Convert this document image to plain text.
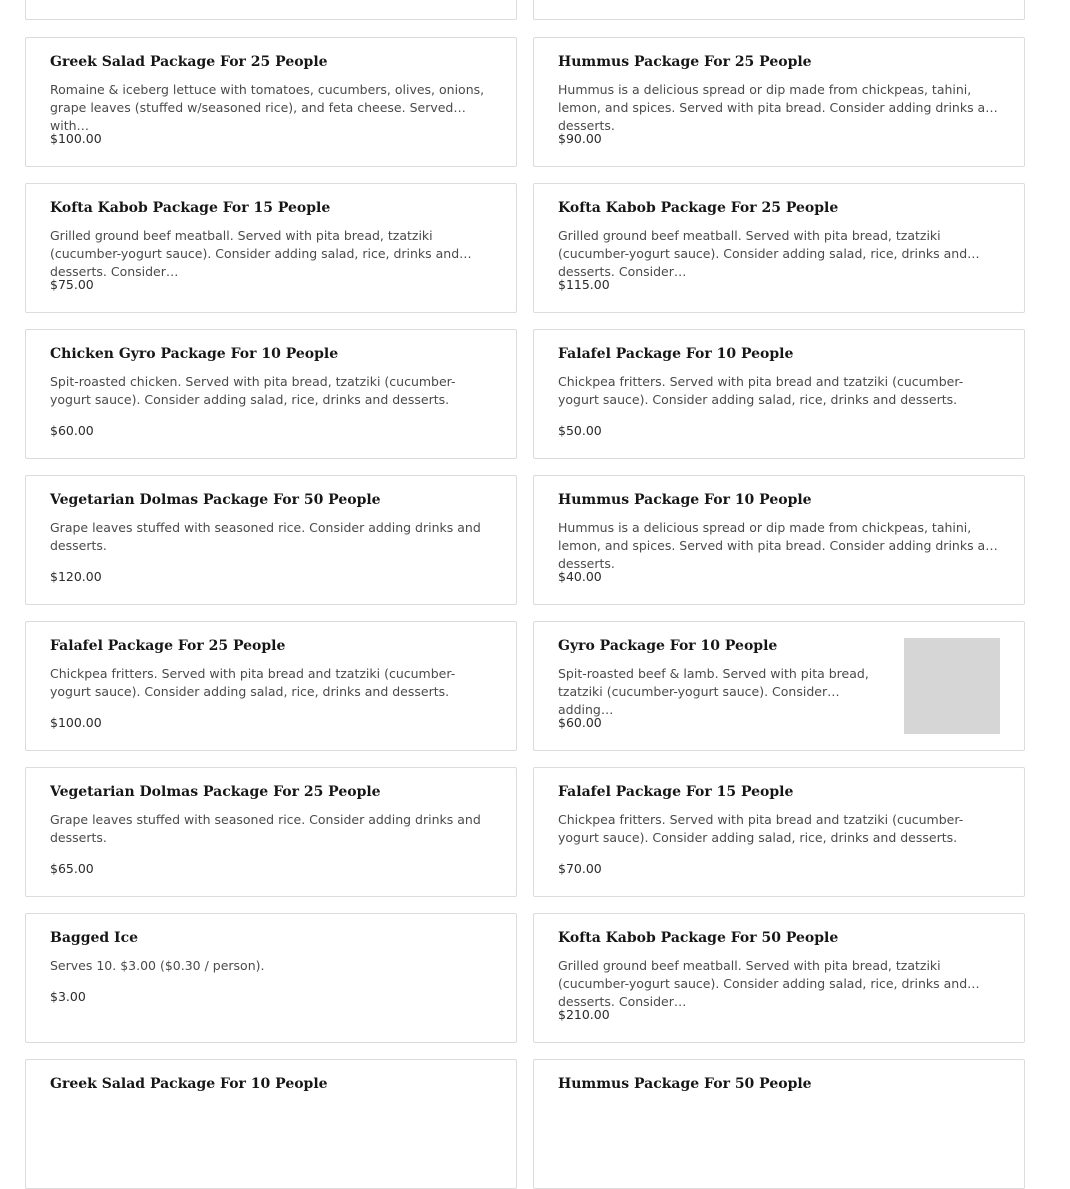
Greek Salad Package For 25 People
Romaine & iceberg lettuce with tomatoes, cucumbers, olives, onions, grape leaves (stuffed w/seasoned rice), and feta cheese. Served with…
$100.00
Hummus Package For 25 People
Hummus is a delicious spread or dip made from chickpeas, tahini, lemon, and spices. Served with pita bread. Consider adding drinks and desserts.
$90.00
Kofta Kabob Package For 15 People
Grilled ground beef meatball. Served with pita bread, tzatziki (cucumber-yogurt sauce). Consider adding salad, rice, drinks and desserts. Consider…
$75.00
Kofta Kabob Package For 25 People
Grilled ground beef meatball. Served with pita bread, tzatziki (cucumber-yogurt sauce). Consider adding salad, rice, drinks and desserts. Consider…
$115.00
Chicken Gyro Package For 10 People
Spit-roasted chicken. Served with pita bread, tzatziki (cucumber-yogurt sauce). Consider adding salad, rice, drinks and desserts.
$60.00
Falafel Package For 10 People
Chickpea fritters. Served with pita bread and tzatziki (cucumber-yogurt sauce). Consider adding salad, rice, drinks and desserts.
$50.00
Vegetarian Dolmas Package For 50 People
Grape leaves stuffed with seasoned rice. Consider adding drinks and desserts.
$120.00
Hummus Package For 10 People
Hummus is a delicious spread or dip made from chickpeas, tahini, lemon, and spices. Served with pita bread. Consider adding drinks and desserts.
$40.00
Falafel Package For 25 People
Chickpea fritters. Served with pita bread and tzatziki (cucumber-yogurt sauce). Consider adding salad, rice, drinks and desserts.
$100.00
Gyro Package For 10 People
Spit-roasted beef & lamb. Served with pita bread, tzatziki (cucumber-yogurt sauce). Consider adding…
$60.00
Vegetarian Dolmas Package For 25 People
Grape leaves stuffed with seasoned rice. Consider adding drinks and desserts.
$65.00
Falafel Package For 15 People
Chickpea fritters. Served with pita bread and tzatziki (cucumber-yogurt sauce). Consider adding salad, rice, drinks and desserts.
$70.00
Bagged Ice
Serves 10. $3.00 ($0.30 / person).
$3.00
Kofta Kabob Package For 50 People
Grilled ground beef meatball. Served with pita bread, tzatziki (cucumber-yogurt sauce). Consider adding salad, rice, drinks and desserts. Consider…
$210.00
Greek Salad Package For 10 People	Hummus Package For 50 People
